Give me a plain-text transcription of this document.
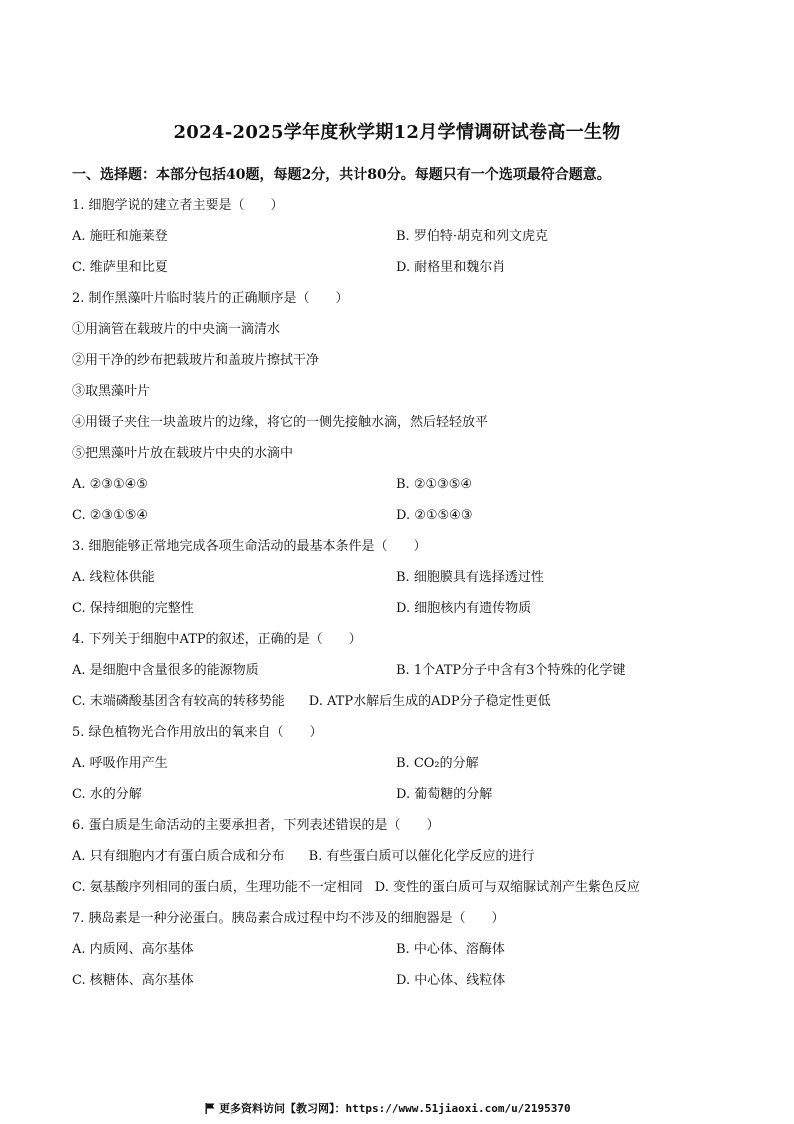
2024-2025学年度秋学期12月学情调研试卷高一生物
一、选择题：本部分包括40题，每题2分，共计80分。每题只有一个选项最符合题意。
1. 细胞学说的建立者主要是（　　）
A. 施旺和施莱登	B. 罗伯特·胡克和列文虎克
C. 维萨里和比夏	D. 耐格里和魏尔肖
2. 制作黑藻叶片临时装片的正确顺序是（　　）
①用滴管在载玻片的中央滴一滴清水
②用干净的纱布把载玻片和盖玻片擦拭干净
③取黑藻叶片
④用镊子夹住一块盖玻片的边缘，将它的一侧先接触水滴，然后轻轻放平
⑤把黑藻叶片放在载玻片中央的水滴中
A. ②③①④⑤	B. ②①③⑤④
C. ②③①⑤④	D. ②①⑤④③
3. 细胞能够正常地完成各项生命活动的最基本条件是（　　）
A. 线粒体供能	B. 细胞膜具有选择透过性
C. 保持细胞的完整性	D. 细胞核内有遗传物质
4. 下列关于细胞中ATP的叙述，正确的是（　　）
A. 是细胞中含量很多的能源物质	B. 1个ATP分子中含有3个特殊的化学键
C. 末端磷酸基团含有较高的转移势能 D. ATP水解后生成的ADP分子稳定性更低
5. 绿色植物光合作用放出的氧来自（　　）
A. 呼吸作用产生	B. CO₂的分解
C. 水的分解	D. 葡萄糖的分解
6. 蛋白质是生命活动的主要承担者，下列表述错误的是（　　）
A. 只有细胞内才有蛋白质合成和分布 B. 有些蛋白质可以催化化学反应的进行
C. 氨基酸序列相同的蛋白质，生理功能不一定相同 D. 变性的蛋白质可与双缩脲试剂产生紫色反应
7. 胰岛素是一种分泌蛋白。胰岛素合成过程中均不涉及的细胞器是（　　）
A. 内质网、高尔基体	B. 中心体、溶酶体
C. 核糖体、高尔基体	D. 中心体、线粒体
更多资料访问【教习网】：https://www.51jiaoxi.com/u/2195370
